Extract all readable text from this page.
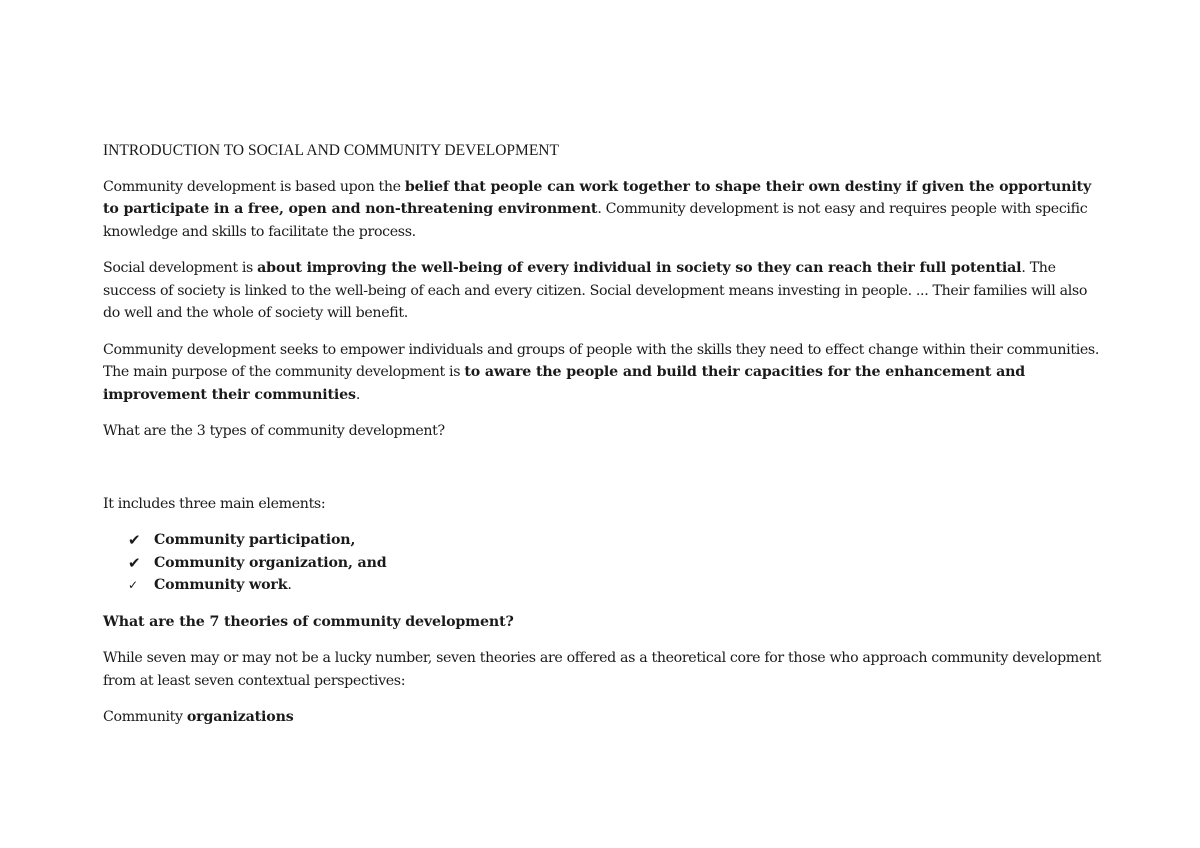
INTRODUCTION TO SOCIAL AND COMMUNITY DEVELOPMENT

Community development is based upon the belief that people can work together to shape their own destiny if given the opportunity to participate in a free, open and non-threatening environment. Community development is not easy and requires people with specific knowledge and skills to facilitate the process.

Social development is about improving the well-being of every individual in society so they can reach their full potential. The success of society is linked to the well-being of each and every citizen. Social development means investing in people. ... Their families will also do well and the whole of society will benefit.

Community development seeks to empower individuals and groups of people with the skills they need to effect change within their communities. The main purpose of the community development is to aware the people and build their capacities for the enhancement and improvement their communities.

What are the 3 types of community development?

It includes three main elements:

✔ Community participation,
✔ Community organization, and
✓ Community work.

What are the 7 theories of community development?

While seven may or may not be a lucky number, seven theories are offered as a theoretical core for those who approach community development from at least seven contextual perspectives:

Community organizations
